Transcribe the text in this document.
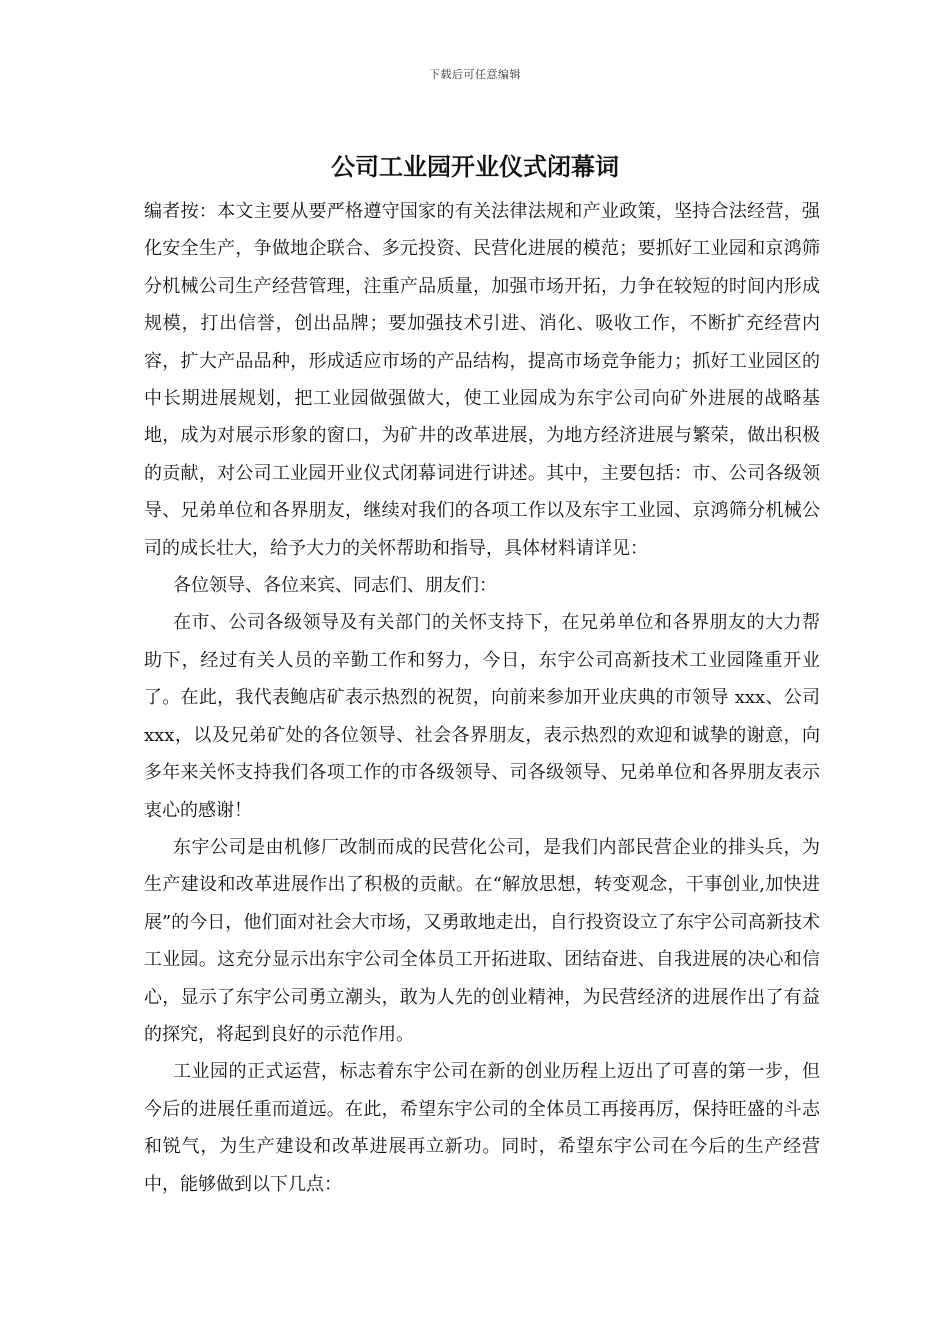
下载后可任意编辑
公司工业园开业仪式闭幕词

编者按：本文主要从要严格遵守国家的有关法律法规和产业政策，坚持合法经营，强化安全生产，争做地企联合、多元投资、民营化进展的模范；要抓好工业园和京鸿筛分机械公司生产经营管理，注重产品质量，加强市场开拓，力争在较短的时间内形成规模，打出信誉，创出品牌；要加强技术引进、消化、吸收工作，不断扩充经营内容，扩大产品品种，形成适应市场的产品结构，提高市场竞争能力；抓好工业园区的中长期进展规划，把工业园做强做大，使工业园成为东宇公司向矿外进展的战略基地，成为对展示形象的窗口，为矿井的改革进展，为地方经济进展与繁荣，做出积极的贡献，对公司工业园开业仪式闭幕词进行讲述。其中，主要包括：市、公司各级领导、兄弟单位和各界朋友，继续对我们的各项工作以及东宇工业园、京鸿筛分机械公司的成长壮大，给予大力的关怀帮助和指导，具体材料请详见：

各位领导、各位来宾、同志们、朋友们：

在市、公司各级领导及有关部门的关怀支持下，在兄弟单位和各界朋友的大力帮助下，经过有关人员的辛勤工作和努力，今日，东宇公司高新技术工业园隆重开业了。在此，我代表鲍店矿表示热烈的祝贺，向前来参加开业庆典的市领导 xxx、公司 xxx，以及兄弟矿处的各位领导、社会各界朋友，表示热烈的欢迎和诚挚的谢意，向多年来关怀支持我们各项工作的市各级领导、司各级领导、兄弟单位和各界朋友表示衷心的感谢！

东宇公司是由机修厂改制而成的民营化公司，是我们内部民营企业的排头兵，为生产建设和改革进展作出了积极的贡献。在“解放思想，转变观念，干事创业,加快进展”的今日，他们面对社会大市场，又勇敢地走出，自行投资设立了东宇公司高新技术工业园。这充分显示出东宇公司全体员工开拓进取、团结奋进、自我进展的决心和信心，显示了东宇公司勇立潮头，敢为人先的创业精神，为民营经济的进展作出了有益的探究，将起到良好的示范作用。

工业园的正式运营，标志着东宇公司在新的创业历程上迈出了可喜的第一步，但今后的进展任重而道远。在此，希望东宇公司的全体员工再接再厉，保持旺盛的斗志和锐气，为生产建设和改革进展再立新功。同时，希望东宇公司在今后的生产经营中，能够做到以下几点：
